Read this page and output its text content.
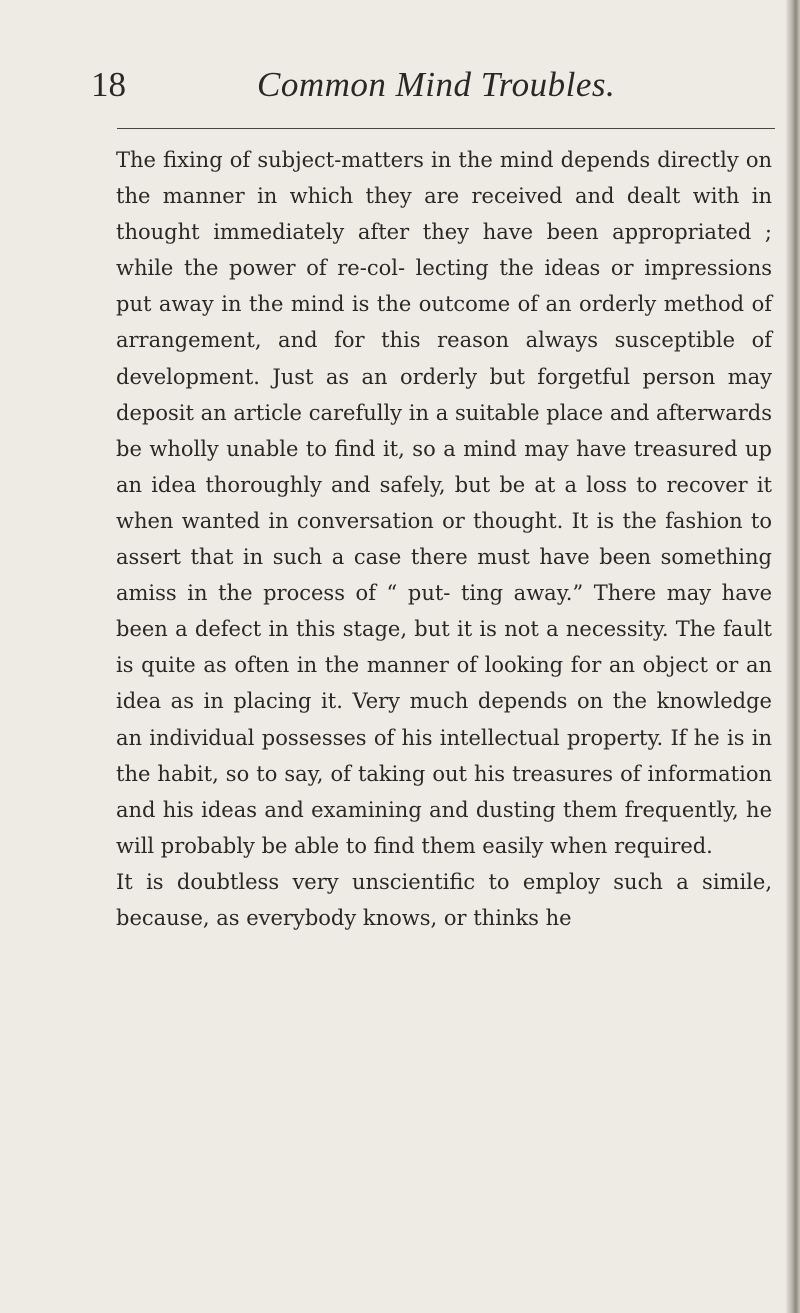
18	Common Mind Troubles.

The fixing of subject-matters in the mind depends directly on the manner in which they are received and dealt with in thought immediately after they have been appropriated ; while the power of re-col- lecting the ideas or impressions put away in the mind is the outcome of an orderly method of arrangement, and for this reason always susceptible of development. Just as an orderly but forgetful person may deposit an article carefully in a suitable place and afterwards be wholly unable to find it, so a mind may have treasured up an idea thoroughly and safely, but be at a loss to recover it when wanted in conversation or thought. It is the fashion to assert that in such a case there must have been something amiss in the process of “ put- ting away.” There may have been a defect in this stage, but it is not a necessity. The fault is quite as often in the manner of looking for an object or an idea as in placing it. Very much depends on the knowledge an individual possesses of his intellectual property. If he is in the habit, so to say, of taking out his treasures of information and his ideas and examining and dusting them frequently, he will probably be able to find them easily when required.

It is doubtless very unscientific to employ such a simile, because, as everybody knows, or thinks he
